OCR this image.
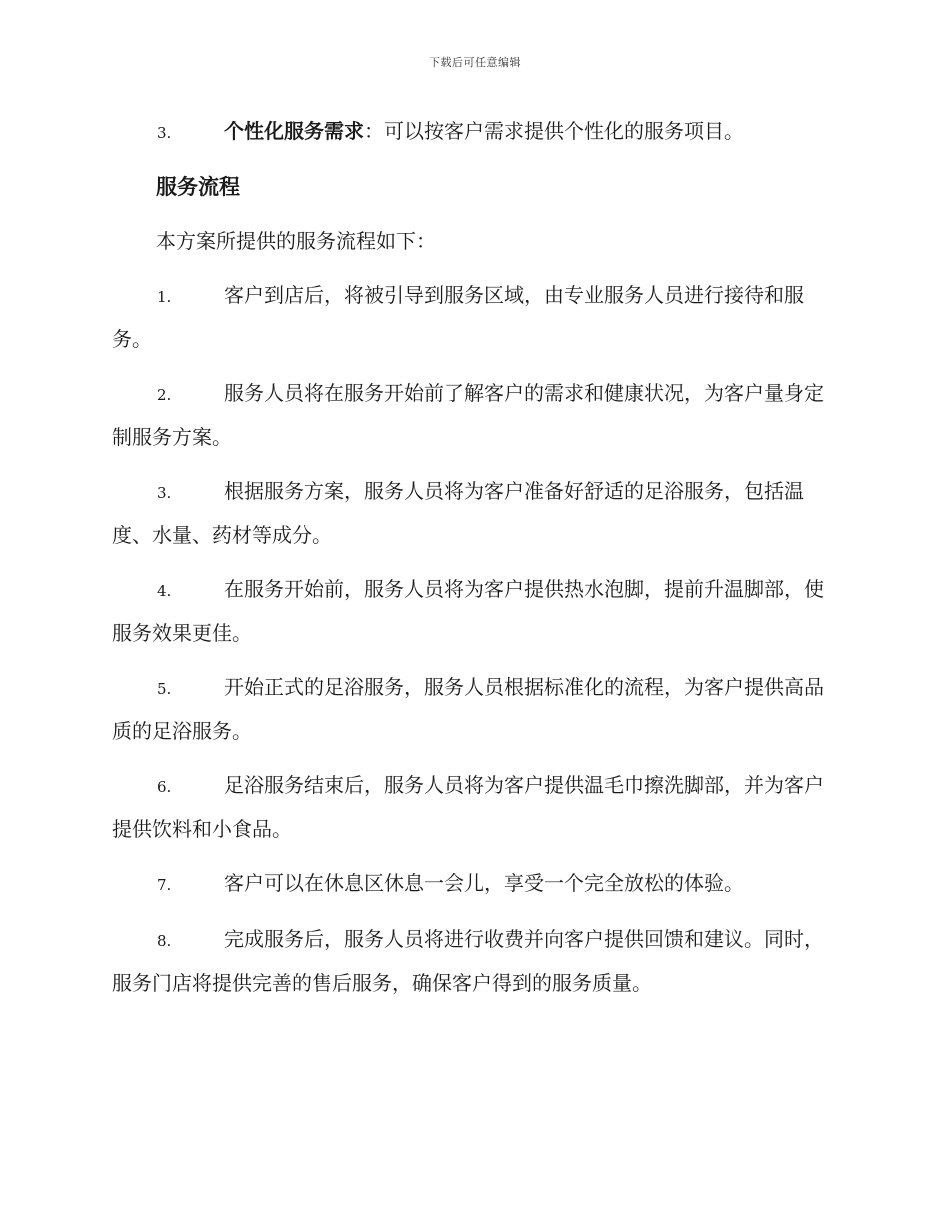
下载后可任意编辑

3.	个性化服务需求：可以按客户需求提供个性化的服务项目。

服务流程

本方案所提供的服务流程如下：

1.	客户到店后，将被引导到服务区域，由专业服务人员进行接待和服务。

2.	服务人员将在服务开始前了解客户的需求和健康状况，为客户量身定制服务方案。

3.	根据服务方案，服务人员将为客户准备好舒适的足浴服务，包括温度、水量、药材等成分。

4.	在服务开始前，服务人员将为客户提供热水泡脚，提前升温脚部，使服务效果更佳。

5.	开始正式的足浴服务，服务人员根据标准化的流程，为客户提供高品质的足浴服务。

6.	足浴服务结束后，服务人员将为客户提供温毛巾擦洗脚部，并为客户提供饮料和小食品。

7.	客户可以在休息区休息一会儿，享受一个完全放松的体验。

8.	完成服务后，服务人员将进行收费并向客户提供回馈和建议。同时，服务门店将提供完善的售后服务，确保客户得到的服务质量。
